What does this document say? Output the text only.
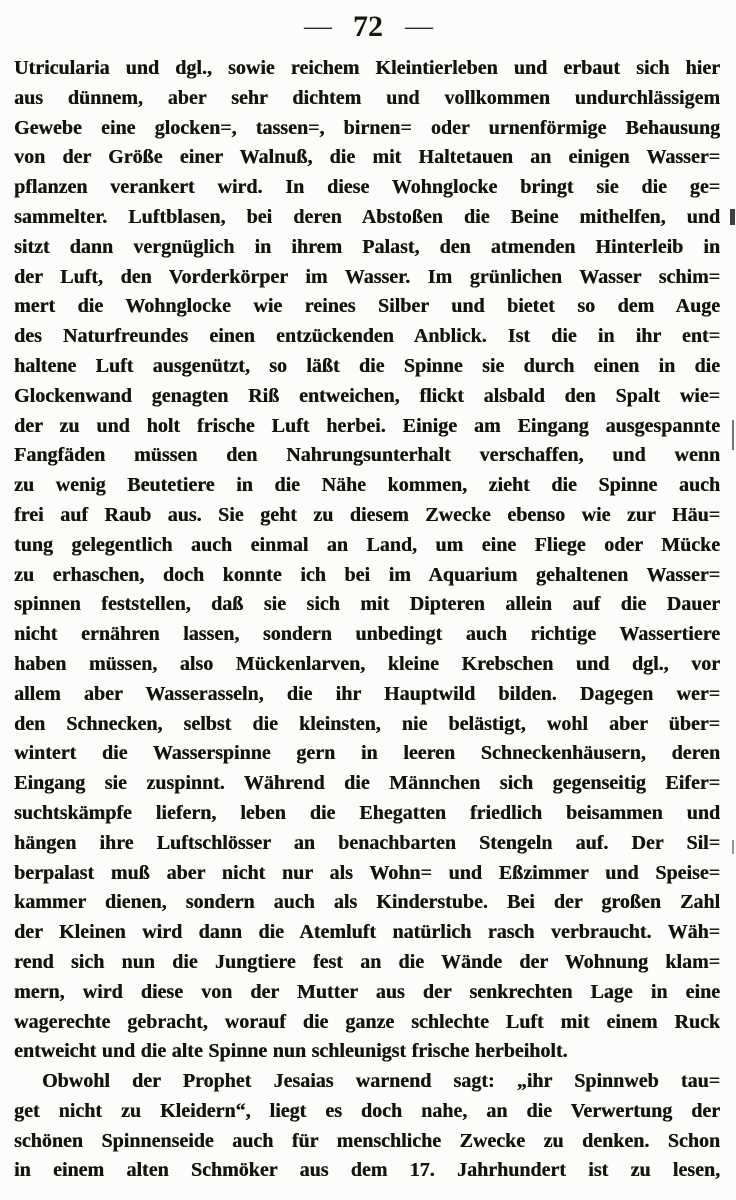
— 72 —
Utricularia und dgl., sowie reichem Kleintierleben und erbaut sich hier
aus dünnem, aber sehr dichtem und vollkommen undurchlässigem
Gewebe eine glocken=, tassen=, birnen= oder urnenförmige Behausung
von der Größe einer Walnuß, die mit Haltetauen an einigen Wasser=
pflanzen verankert wird. In diese Wohnglocke bringt sie die ge=
sammelter. Luftblasen, bei deren Abstoßen die Beine mithelfen, und
sitzt dann vergnüglich in ihrem Palast, den atmenden Hinterleib in
der Luft, den Vorderkörper im Wasser. Im grünlichen Wasser schim=
mert die Wohnglocke wie reines Silber und bietet so dem Auge
des Naturfreundes einen entzückenden Anblick. Ist die in ihr ent=
haltene Luft ausgenützt, so läßt die Spinne sie durch einen in die
Glockenwand genagten Riß entweichen, flickt alsbald den Spalt wie=
der zu und holt frische Luft herbei. Einige am Eingang ausgespannte
Fangfäden müssen den Nahrungsunterhalt verschaffen, und wenn
zu wenig Beutetiere in die Nähe kommen, zieht die Spinne auch
frei auf Raub aus. Sie geht zu diesem Zwecke ebenso wie zur Häu=
tung gelegentlich auch einmal an Land, um eine Fliege oder Mücke
zu erhaschen, doch konnte ich bei im Aquarium gehaltenen Wasser=
spinnen feststellen, daß sie sich mit Dipteren allein auf die Dauer
nicht ernähren lassen, sondern unbedingt auch richtige Wassertiere
haben müssen, also Mückenlarven, kleine Krebschen und dgl., vor
allem aber Wasserasseln, die ihr Hauptwild bilden. Dagegen wer=
den Schnecken, selbst die kleinsten, nie belästigt, wohl aber über=
wintert die Wasserspinne gern in leeren Schneckenhäusern, deren
Eingang sie zuspinnt. Während die Männchen sich gegenseitig Eifer=
suchtskämpfe liefern, leben die Ehegatten friedlich beisammen und
hängen ihre Luftschlösser an benachbarten Stengeln auf. Der Sil=
berpalast muß aber nicht nur als Wohn= und Eßzimmer und Speise=
kammer dienen, sondern auch als Kinderstube. Bei der großen Zahl
der Kleinen wird dann die Atemluft natürlich rasch verbraucht. Wäh=
rend sich nun die Jungtiere fest an die Wände der Wohnung klam=
mern, wird diese von der Mutter aus der senkrechten Lage in eine
wagerechte gebracht, worauf die ganze schlechte Luft mit einem Ruck
entweicht und die alte Spinne nun schleunigst frische herbeiholt.
Obwohl der Prophet Jesaias warnend sagt: „ihr Spinnweb tau=
get nicht zu Kleidern“, liegt es doch nahe, an die Verwertung der
schönen Spinnenseide auch für menschliche Zwecke zu denken. Schon
in einem alten Schmöker aus dem 17. Jahrhundert ist zu lesen,
